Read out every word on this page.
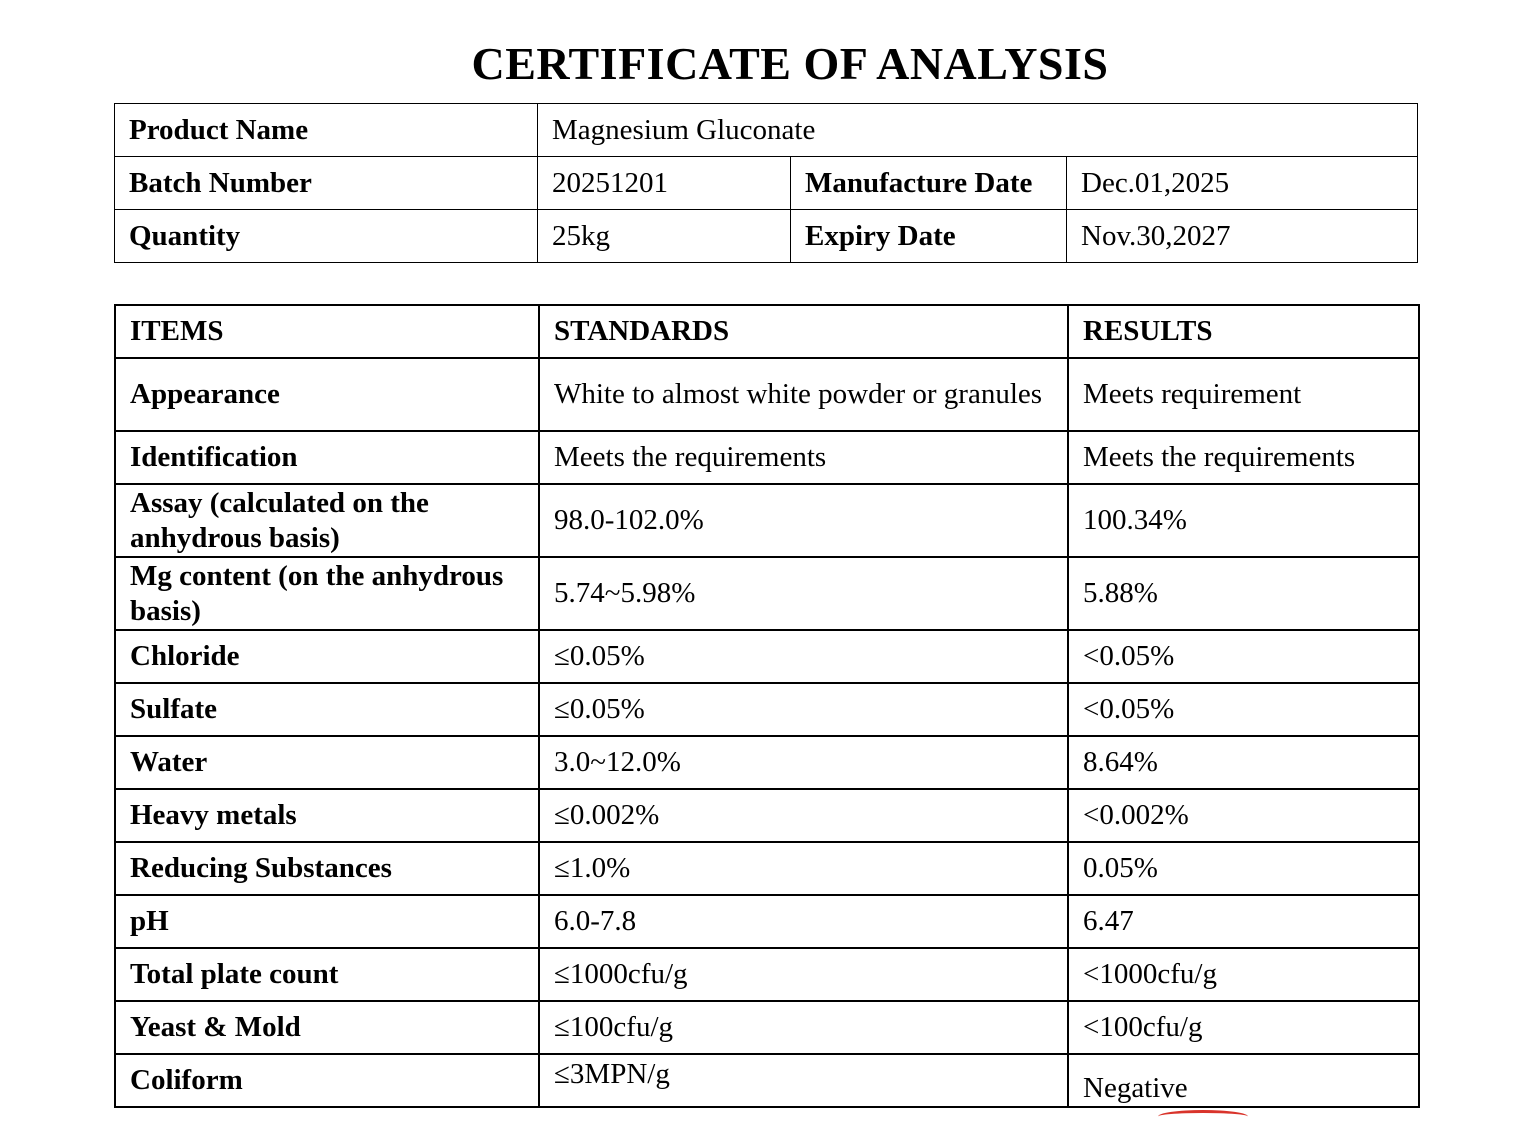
CERTIFICATE OF ANALYSIS
Product Name	Magnesium Gluconate		
Batch Number	20251201	Manufacture Date	Dec.01,2025
Quantity	25kg	Expiry Date	Nov.30,2027
ITEMS	STANDARDS	RESULTS
Appearance	White to almost white powder or granules	Meets requirement
Identification	Meets the requirements	Meets the requirements
Assay (calculated on the anhydrous basis)	98.0-102.0%	100.34%
Mg content (on the anhydrous basis)	5.74~5.98%	5.88%
Chloride	≤0.05%	<0.05%
Sulfate	≤0.05%	<0.05%
Water	3.0~12.0%	8.64%
Heavy metals	≤0.002%	<0.002%
Reducing Substances	≤1.0%	0.05%
pH	6.0-7.8	6.47
Total plate count	≤1000cfu/g	<1000cfu/g
Yeast & Mold	≤100cfu/g	<100cfu/g
Coliform	≤3MPN/g	Negative
